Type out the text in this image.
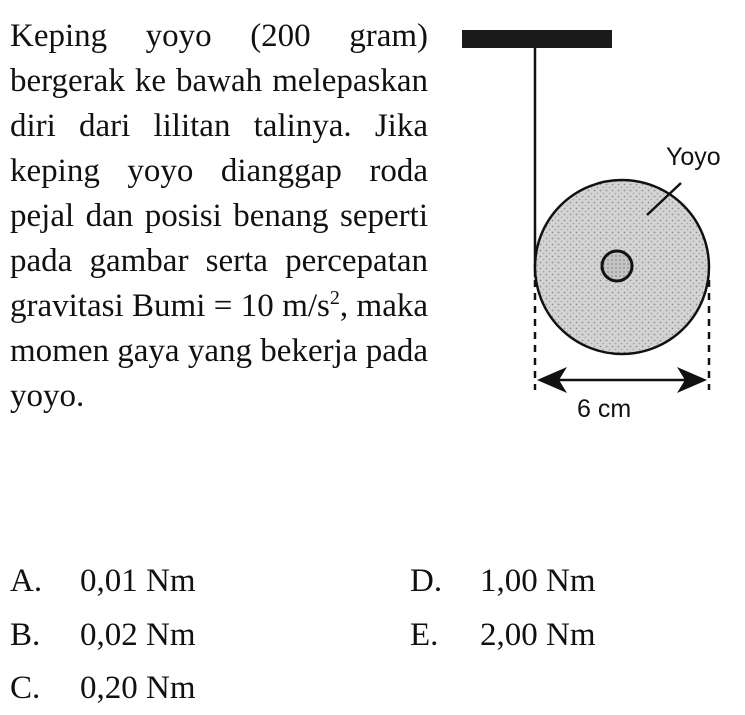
Keping yoyo (200 gram) bergerak ke bawah melepaskan diri dari lilitan talinya. Jika keping yoyo dianggap roda pejal dan posisi benang seperti pada gambar serta percepatan gravitasi Bumi = 10 $m/s^2$, maka momen gaya yang bekerja pada yoyo.
Yoyo
6 cm
A. 0,01 Nm
B. 0,02 Nm
C. 0,20 Nm
D. 1,00 Nm
E. 2,00 Nm
